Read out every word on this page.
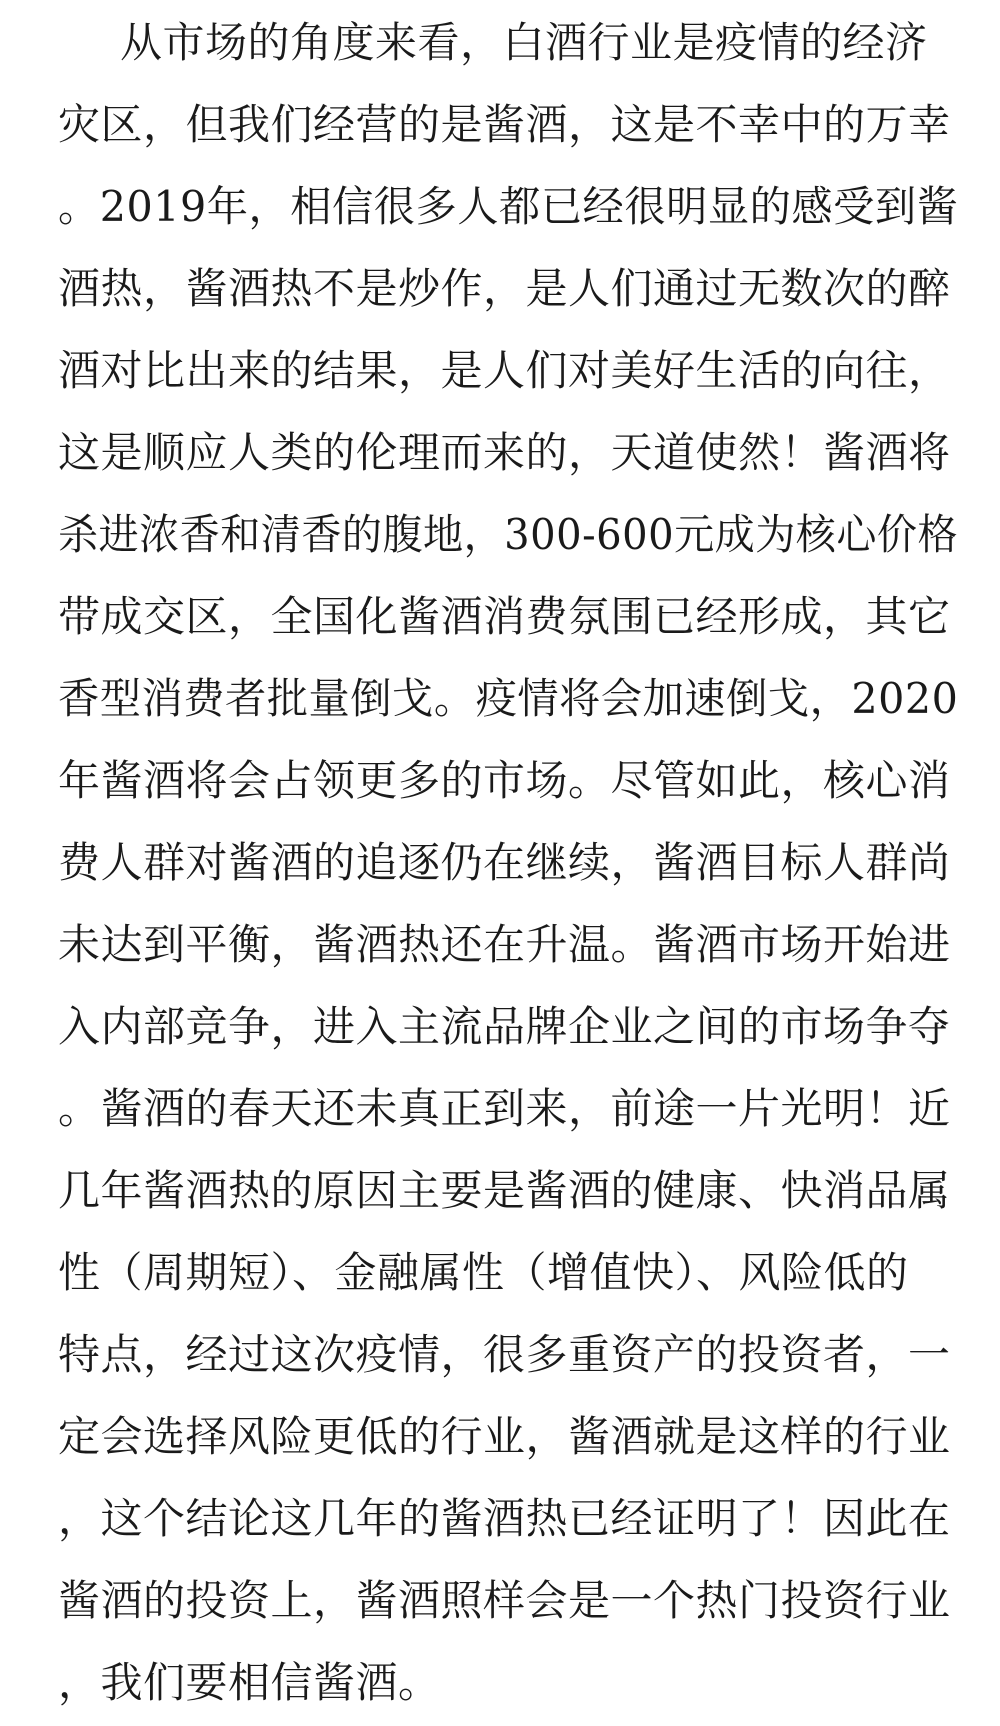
从市场的角度来看，白酒行业是疫情的经济
灾区，但我们经营的是酱酒，这是不幸中的万幸
。2019年，相信很多人都已经很明显的感受到酱
酒热，酱酒热不是炒作，是人们通过无数次的醉
酒对比出来的结果，是人们对美好生活的向往，
这是顺应人类的伦理而来的，天道使然！酱酒将
杀进浓香和清香的腹地，300-600元成为核心价格
带成交区，全国化酱酒消费氛围已经形成，其它
香型消费者批量倒戈。疫情将会加速倒戈，2020
年酱酒将会占领更多的市场。尽管如此，核心消
费人群对酱酒的追逐仍在继续，酱酒目标人群尚
未达到平衡，酱酒热还在升温。酱酒市场开始进
入内部竞争，进入主流品牌企业之间的市场争夺
。酱酒的春天还未真正到来，前途一片光明！近
几年酱酒热的原因主要是酱酒的健康、快消品属
性（周期短）、金融属性（增值快）、风险低的
特点，经过这次疫情，很多重资产的投资者，一
定会选择风险更低的行业，酱酒就是这样的行业
，这个结论这几年的酱酒热已经证明了！因此在
酱酒的投资上，酱酒照样会是一个热门投资行业
，我们要相信酱酒。
